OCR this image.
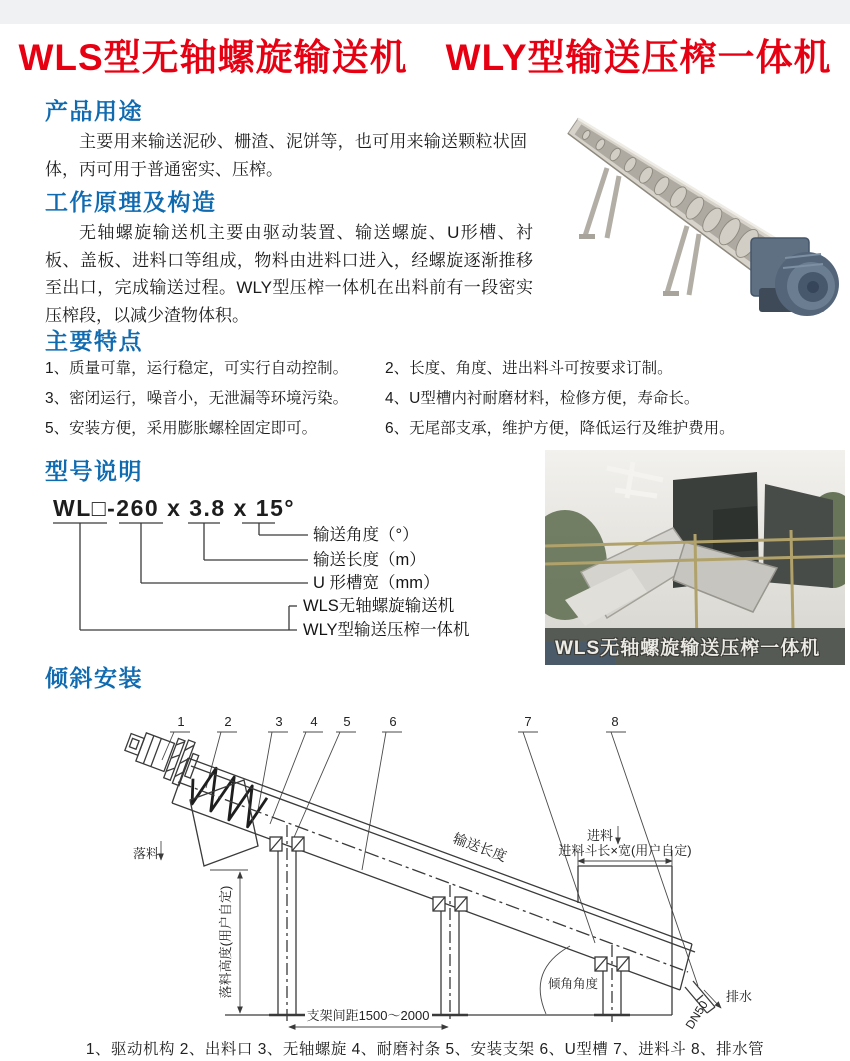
WLS型无轴螺旋输送机　WLY型输送压榨一体机
产品用途

主要用来输送泥砂、栅渣、泥饼等，也可用来输送颗粒状固体，丙可用于普通密实、压榨。

工作原理及构造

无轴螺旋输送机主要由驱动装置、输送螺旋、U形槽、衬板、盖板、进料口等组成，物料由进料口进入，经螺旋逐渐推移至出口，完成输送过程。WLY型压榨一体机在出料前有一段密实压榨段，以减少渣物体积。

主要特点
1、质量可靠，运行稳定，可实行自动控制。	2、长度、角度、进出料斗可按要求订制。
3、密闭运行，噪音小，无泄漏等环境污染。	4、U型槽内衬耐磨材料，检修方便，寿命长。
5、安装方便，采用膨胀螺栓固定即可。	6、无尾部支承，维护方便，降低运行及维护费用。
型号说明
WL□-260 x 3.8 x 15°
输送角度（°）
输送长度（m）
U 形槽宽（mm）
WLS无轴螺旋输送机
WLY型输送压榨一体机
WLS无轴螺旋输送压榨一体机
倾斜安装
1	2	3 4 5	6	7	8
落料
落料高度(用户自定)
支架间距1500～2000
输送长度	进料
进料斗长×宽(用户自定)
倾角角度
排水
DN50
1、驱动机构 2、出料口 3、无轴螺旋 4、耐磨衬条 5、安装支架 6、U型槽 7、进料斗 8、排水管
